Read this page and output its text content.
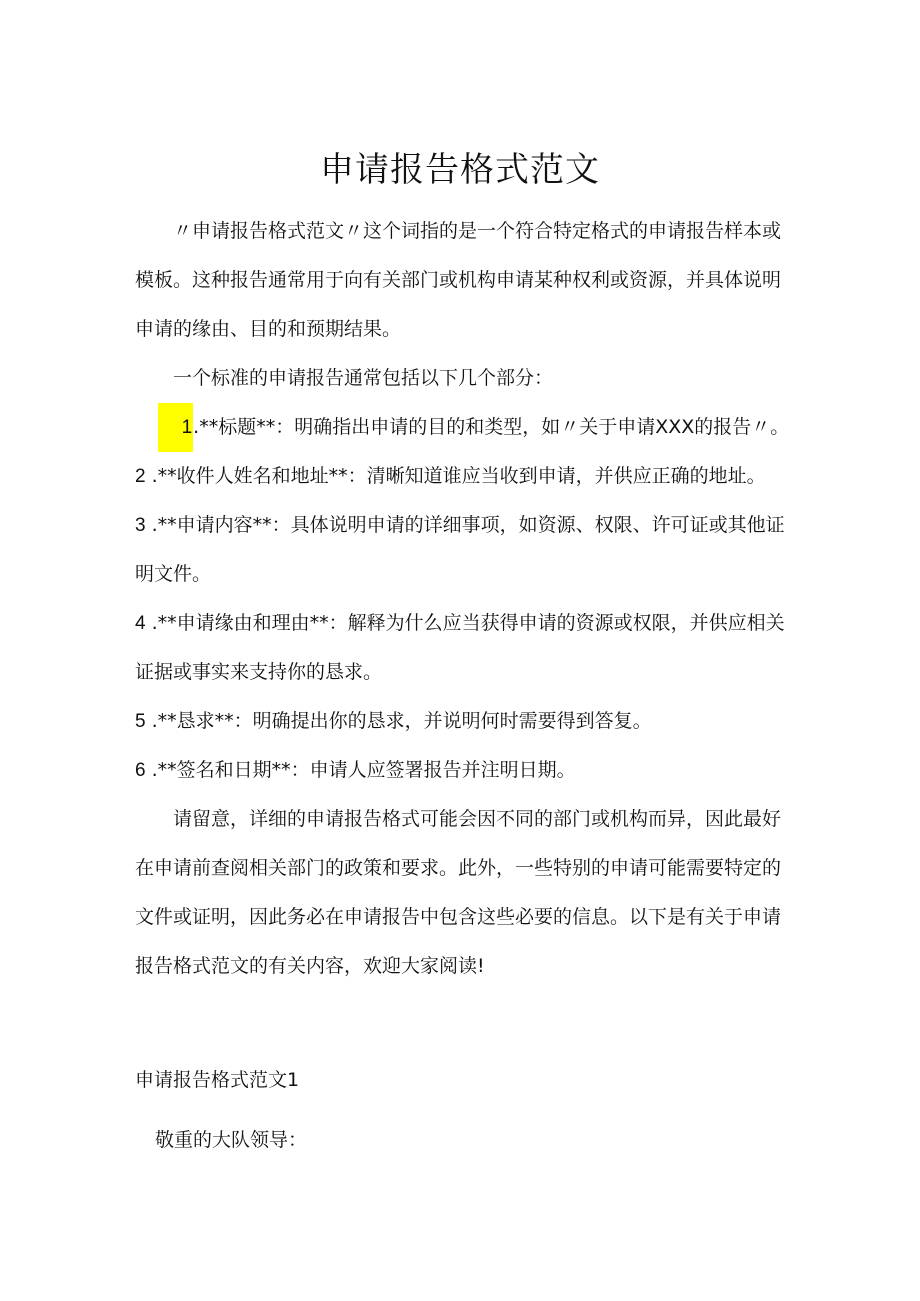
申请报告格式范文

〃申请报告格式范文〃这个词指的是一个符合特定格式的申请报告样本或模板。这种报告通常用于向有关部门或机构申请某种权利或资源，并具体说明申请的缘由、目的和预期结果。

一个标准的申请报告通常包括以下几个部分：

1.**标题**：明确指出申请的目的和类型，如〃关于申请XXX的报告〃。

2 .**收件人姓名和地址**：清晰知道谁应当收到申请，并供应正确的地址。

3 .**申请内容**：具体说明申请的详细事项，如资源、权限、许可证或其他证明文件。

4 .**申请缘由和理由**：解释为什么应当获得申请的资源或权限，并供应相关证据或事实来支持你的恳求。

5 .**恳求**：明确提出你的恳求，并说明何时需要得到答复。

6 .**签名和日期**：申请人应签署报告并注明日期。

请留意，详细的申请报告格式可能会因不同的部门或机构而异，因此最好在申请前查阅相关部门的政策和要求。此外，一些特别的申请可能需要特定的文件或证明，因此务必在申请报告中包含这些必要的信息。以下是有关于申请报告格式范文的有关内容，欢迎大家阅读!

申请报告格式范文1

敬重的大队领导：
